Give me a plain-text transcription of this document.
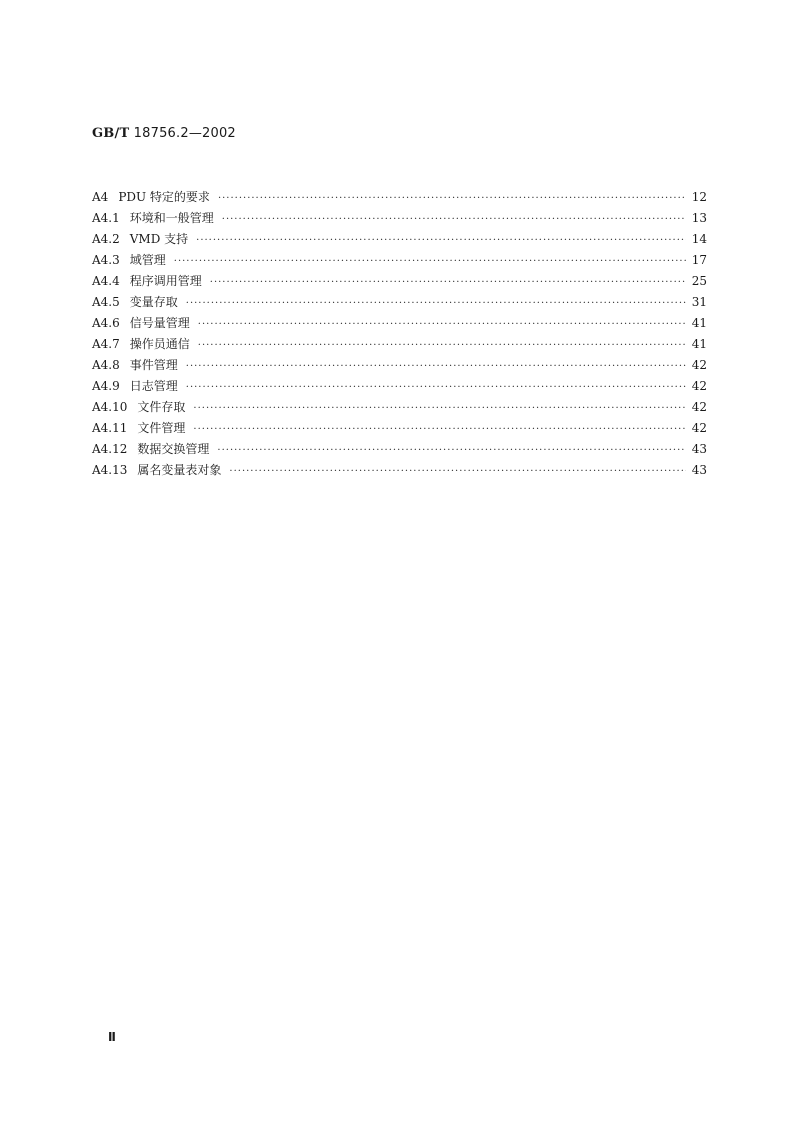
GB/T 18756.2—2002
A4 PDU 特定的要求 ·····	12
A4.1 环境和一般管理 ·····	13
A4.2 VMD 支持 ·····	14
A4.3 域管理 ·····	17
A4.4 程序调用管理 ·····	25
A4.5 变量存取 ·····	31
A4.6 信号量管理 ·····	41
A4.7 操作员通信 ·····	41
A4.8 事件管理 ·····	42
A4.9 日志管理 ·····	42
A4.10 文件存取 ·····	42
A4.11 文件管理 ·····	42
A4.12 数据交换管理 ·····	43
A4.13 属名变量表对象 ·····	43
Ⅱ
